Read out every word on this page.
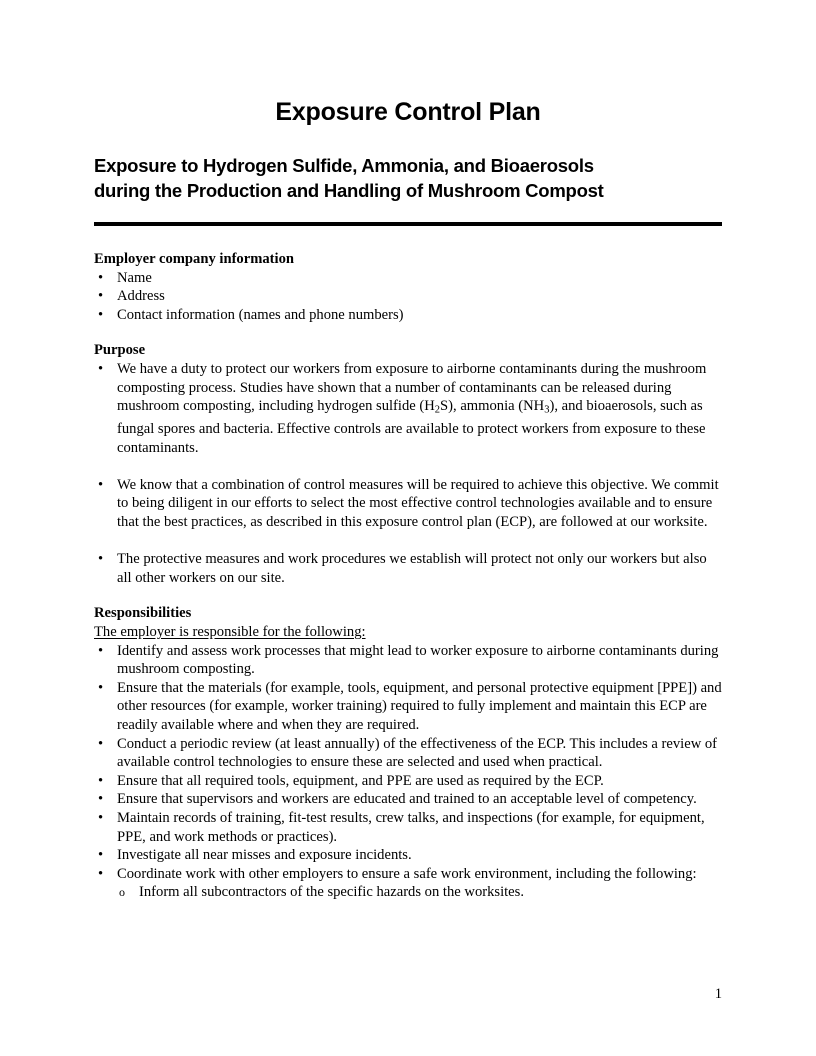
Exposure Control Plan
Exposure to Hydrogen Sulfide, Ammonia, and Bioaerosols
during the Production and Handling of Mushroom Compost
Employer company information
• Name
• Address
• Contact information (names and phone numbers)
Purpose
• We have a duty to protect our workers from exposure to airborne contaminants during the mushroom composting process. Studies have shown that a number of contaminants can be released during mushroom composting, including hydrogen sulfide $(H_2S)$, ammonia $(NH_3)$, and bioaerosols, such as fungal spores and bacteria. Effective controls are available to protect workers from exposure to these contaminants.
• We know that a combination of control measures will be required to achieve this objective. We commit to being diligent in our efforts to select the most effective control technologies available and to ensure that the best practices, as described in this exposure control plan (ECP), are followed at our worksite.
• The protective measures and work procedures we establish will protect not only our workers but also all other workers on our site.
Responsibilities
The employer is responsible for the following:
• Identify and assess work processes that might lead to worker exposure to airborne contaminants during mushroom composting.
• Ensure that the materials (for example, tools, equipment, and personal protective equipment [PPE]) and other resources (for example, worker training) required to fully implement and maintain this ECP are readily available where and when they are required.
• Conduct a periodic review (at least annually) of the effectiveness of the ECP. This includes a review of available control technologies to ensure these are selected and used when practical.
• Ensure that all required tools, equipment, and PPE are used as required by the ECP.
• Ensure that supervisors and workers are educated and trained to an acceptable level of competency.
• Maintain records of training, fit-test results, crew talks, and inspections (for example, for equipment, PPE, and work methods or practices).
• Investigate all near misses and exposure incidents.
• Coordinate work with other employers to ensure a safe work environment, including the following:
o Inform all subcontractors of the specific hazards on the worksites.
1
